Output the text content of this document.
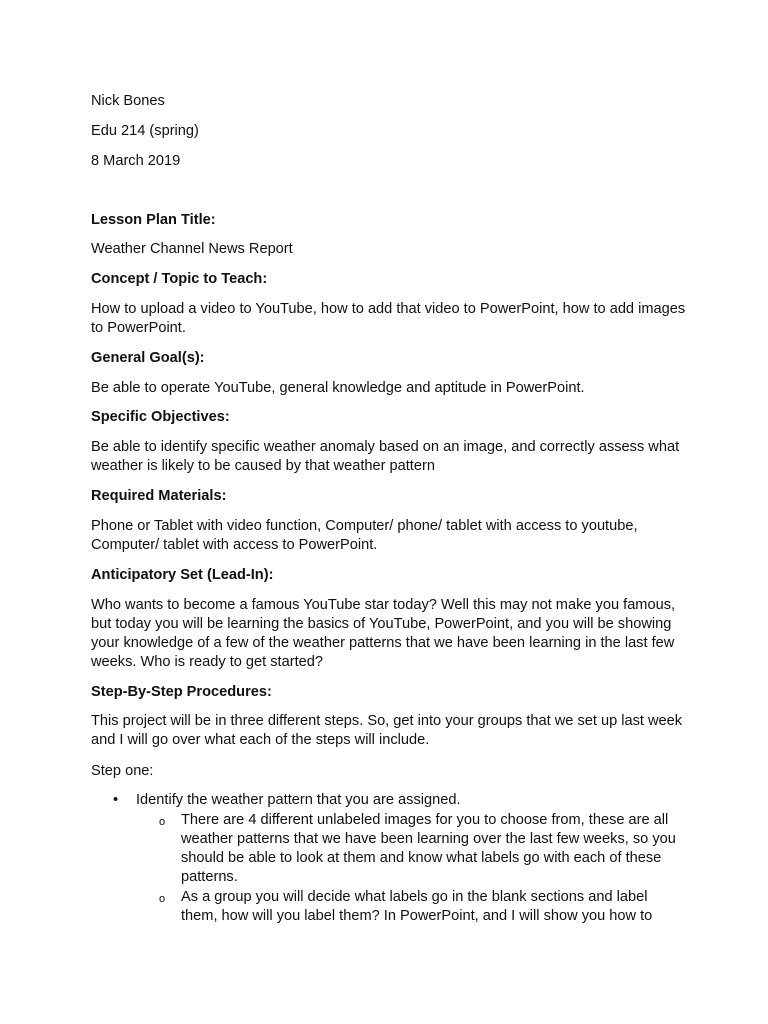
Nick Bones

Edu 214 (spring)

8 March 2019

Lesson Plan Title:

Weather Channel News Report

Concept / Topic to Teach:

How to upload a video to YouTube, how to add that video to PowerPoint, how to add images to PowerPoint.

General Goal(s):

Be able to operate YouTube, general knowledge and aptitude in PowerPoint.

Specific Objectives:

Be able to identify specific weather anomaly based on an image, and correctly assess what weather is likely to be caused by that weather pattern

Required Materials:

Phone or Tablet with video function, Computer/ phone/ tablet with access to youtube, Computer/ tablet with access to PowerPoint.

Anticipatory Set (Lead-In):

Who wants to become a famous YouTube star today? Well this may not make you famous, but today you will be learning the basics of YouTube, PowerPoint, and you will be showing your knowledge of a few of the weather patterns that we have been learning in the last few weeks. Who is ready to get started?

Step-By-Step Procedures:

This project will be in three different steps. So, get into your groups that we set up last week and I will go over what each of the steps will include.

Step one:

• Identify the weather pattern that you are assigned.
o There are 4 different unlabeled images for you to choose from, these are all weather patterns that we have been learning over the last few weeks, so you should be able to look at them and know what labels go with each of these patterns.
o As a group you will decide what labels go in the blank sections and label them, how will you label them? In PowerPoint, and I will show you how to
